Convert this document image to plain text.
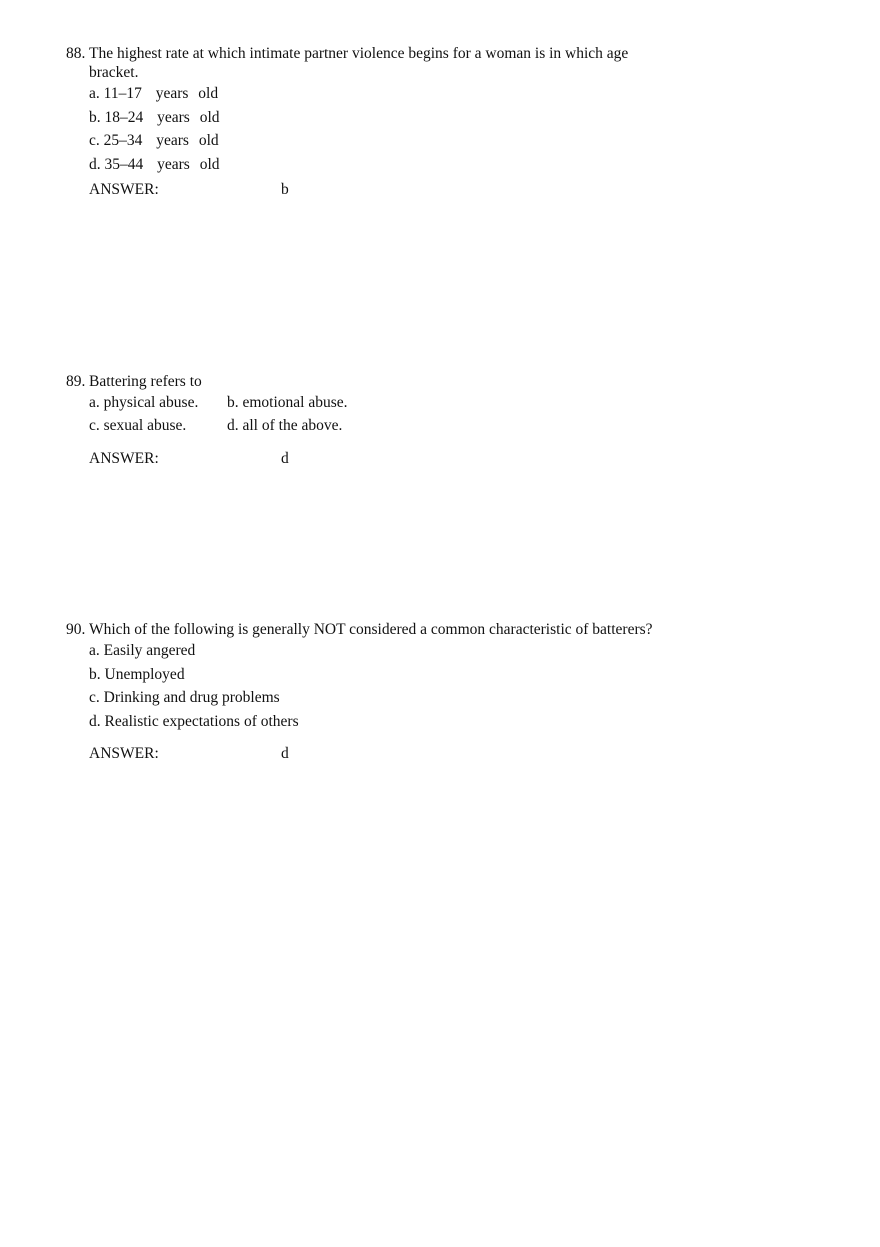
88. The highest rate at which intimate partner violence begins for a woman is in which age
bracket.
a. 11–17 years old
b. 18–24 years old
c. 25–34 years old
d. 35–44 years old
ANSWER:	b
89. Battering refers to
a. physical abuse. b. emotional abuse.
c. sexual abuse.	d. all of the above.
ANSWER:	d
90. Which of the following is generally NOT considered a common characteristic of batterers?
a. Easily angered
b. Unemployed
c. Drinking and drug problems
d. Realistic expectations of others
ANSWER:	d
